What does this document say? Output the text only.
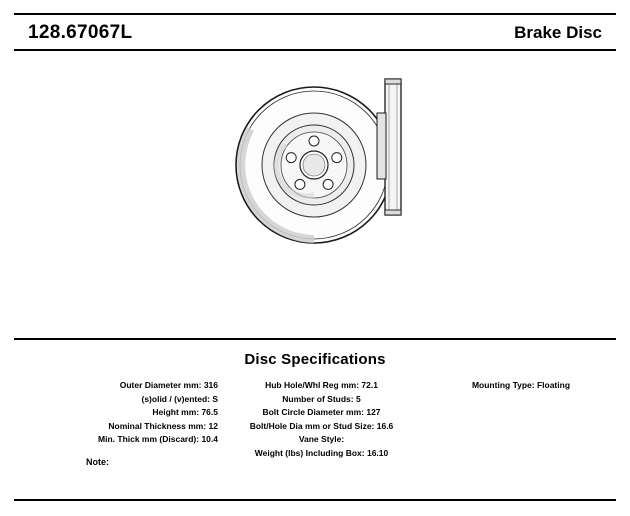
128.67067L	Brake Disc
Disc Specifications
Outer Diameter mm: 316
(s)olid / (v)ented: S
Height mm: 76.5
Nominal Thickness mm: 12
Min. Thick mm (Discard): 10.4
Hub Hole/Whl Reg mm: 72.1
Number of Studs: 5
Bolt Circle Diameter mm: 127
Bolt/Hole Dia mm or Stud Size: 16.6
Vane Style:
Weight (lbs) Including Box: 16.10
Mounting Type: Floating
Note:
